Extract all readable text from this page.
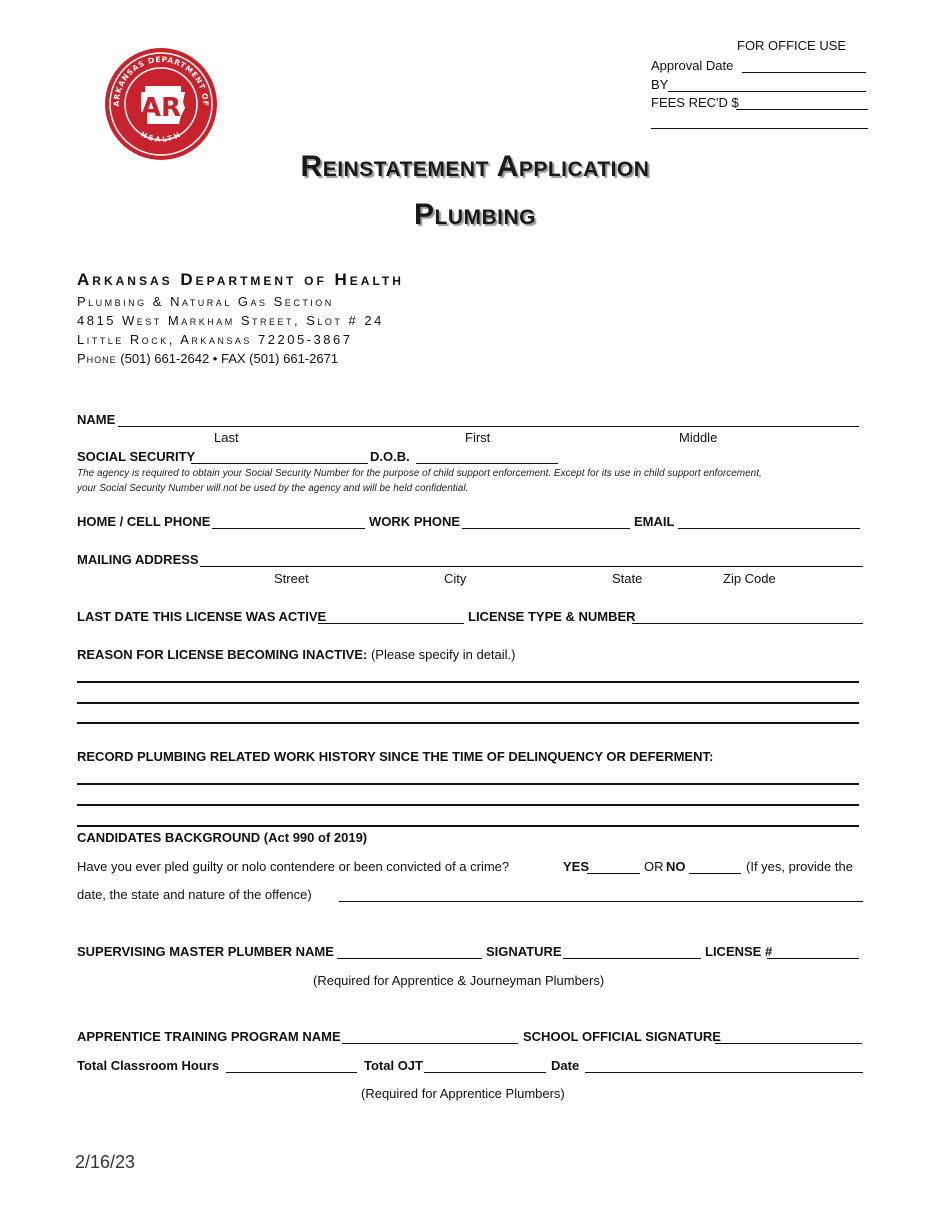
ARKANSAS DEPARTMENT OF
HEALTH
AR
FOR OFFICE USE
Approval Date
BY
FEES REC'D $
Reinstatement Application
Plumbing
Arkansas Department of Health
Plumbing & Natural Gas Section
4815 West Markham Street, Slot # 24
Little Rock, Arkansas 72205-3867
Phone (501) 661-2642 • FAX (501) 661-2671
NAME
Last	First	Middle
SOCIAL SECURITY	D.O.B.
The agency is required to obtain your Social Security Number for the purpose of child support enforcement. Except for its use in child support enforcement,
your Social Security Number will not be used by the agency and will be held confidential.
HOME / CELL PHONE	WORK PHONE	EMAIL
MAILING ADDRESS
Street	City	State	Zip Code
LAST DATE THIS LICENSE WAS ACTIVE	LICENSE TYPE & NUMBER
REASON FOR LICENSE BECOMING INACTIVE: (Please specify in detail.)
RECORD PLUMBING RELATED WORK HISTORY SINCE THE TIME OF DELINQUENCY OR DEFERMENT:
CANDIDATES BACKGROUND (Act 990 of 2019)
Have you ever pled guilty or nolo contendere or been convicted of a crime?	YES	OR NO	(If yes, provide the
date, the state and nature of the offence)
SUPERVISING MASTER PLUMBER NAME	SIGNATURE	LICENSE #
(Required for Apprentice & Journeyman Plumbers)
APPRENTICE TRAINING PROGRAM NAME	SCHOOL OFFICIAL SIGNATURE
Total Classroom Hours	Total OJT	Date
(Required for Apprentice Plumbers)
2/16/23
